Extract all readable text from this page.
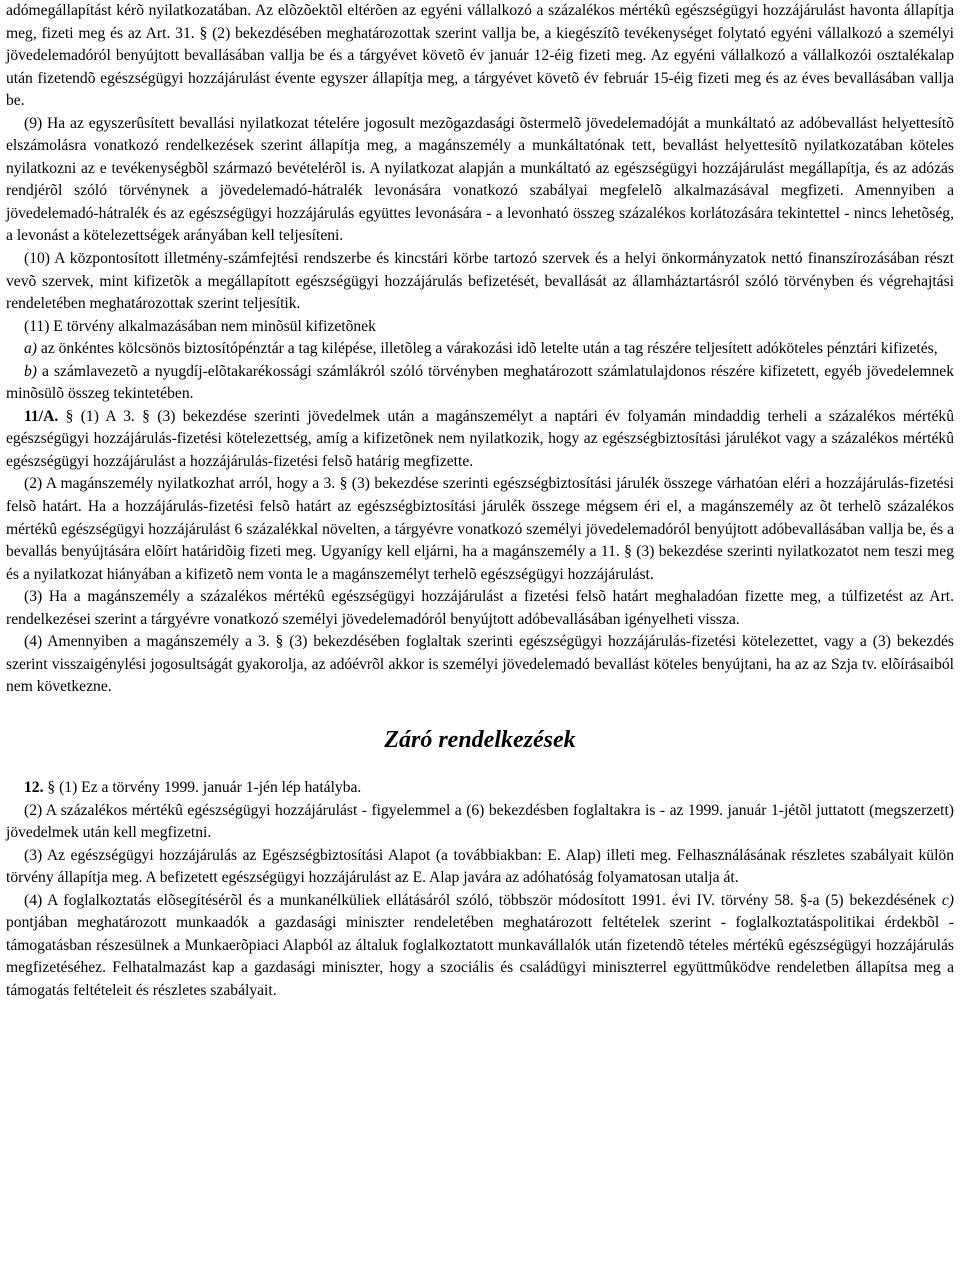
adómegállapítást kérõ nyilatkozatában. Az elõzõektõl eltérõen az egyéni vállalkozó a százalékos mértékû egészségügyi hozzájárulást havonta állapítja meg, fizeti meg és az Art. 31. § (2) bekezdésében meghatározottak szerint vallja be, a kiegészítõ tevékenységet folytató egyéni vállalkozó a személyi jövedelemadóról benyújtott bevallásában vallja be és a tárgyévet követõ év január 12-éig fizeti meg. Az egyéni vállalkozó a vállalkozói osztalékalap után fizetendõ egészségügyi hozzájárulást évente egyszer állapítja meg, a tárgyévet követõ év február 15-éig fizeti meg és az éves bevallásában vallja be.

(9) Ha az egyszerûsített bevallási nyilatkozat tételére jogosult mezõgazdasági õstermelõ jövedelemadóját a munkáltató az adóbevallást helyettesítõ elszámolásra vonatkozó rendelkezések szerint állapítja meg, a magánszemély a munkáltatónak tett, bevallást helyettesítõ nyilatkozatában köteles nyilatkozni az e tevékenységbõl származó bevételérõl is. A nyilatkozat alapján a munkáltató az egészségügyi hozzájárulást megállapítja, és az adózás rendjérõl szóló törvénynek a jövedelemadó-hátralék levonására vonatkozó szabályai megfelelõ alkalmazásával megfizeti. Amennyiben a jövedelemadó-hátralék és az egészségügyi hozzájárulás együttes levonására - a levonható összeg százalékos korlátozására tekintettel - nincs lehetõség, a levonást a kötelezettségek arányában kell teljesíteni.

(10) A központosított illetmény-számfejtési rendszerbe és kincstári körbe tartozó szervek és a helyi önkormányzatok nettó finanszírozásában részt vevõ szervek, mint kifizetõk a megállapított egészségügyi hozzájárulás befizetését, bevallását az államháztartásról szóló törvényben és végrehajtási rendeletében meghatározottak szerint teljesítik.

(11) E törvény alkalmazásában nem minõsül kifizetõnek

a) az önkéntes kölcsönös biztosítópénztár a tag kilépése, illetõleg a várakozási idõ letelte után a tag részére teljesített adóköteles pénztári kifizetés,

b) a számlavezetõ a nyugdíj-elõtakarékossági számlákról szóló törvényben meghatározott számlatulajdonos részére kifizetett, egyéb jövedelemnek minõsülõ összeg tekintetében.

11/A. § (1) A 3. § (3) bekezdése szerinti jövedelmek után a magánszemélyt a naptári év folyamán mindaddig terheli a százalékos mértékû egészségügyi hozzájárulás-fizetési kötelezettség, amíg a kifizetõnek nem nyilatkozik, hogy az egészségbiztosítási járulékot vagy a százalékos mértékû egészségügyi hozzájárulást a hozzájárulás-fizetési felsõ határig megfizette.

(2) A magánszemély nyilatkozhat arról, hogy a 3. § (3) bekezdése szerinti egészségbiztosítási járulék összege várhatóan eléri a hozzájárulás-fizetési felsõ határt. Ha a hozzájárulás-fizetési felsõ határt az egészségbiztosítási járulék összege mégsem éri el, a magánszemély az õt terhelõ százalékos mértékû egészségügyi hozzájárulást 6 százalékkal növelten, a tárgyévre vonatkozó személyi jövedelemadóról benyújtott adóbevallásában vallja be, és a bevallás benyújtására elõírt határidõig fizeti meg. Ugyanígy kell eljárni, ha a magánszemély a 11. § (3) bekezdése szerinti nyilatkozatot nem teszi meg és a nyilatkozat hiányában a kifizetõ nem vonta le a magánszemélyt terhelõ egészségügyi hozzájárulást.

(3) Ha a magánszemély a százalékos mértékû egészségügyi hozzájárulást a fizetési felsõ határt meghaladóan fizette meg, a túlfizetést az Art. rendelkezései szerint a tárgyévre vonatkozó személyi jövedelemadóról benyújtott adóbevallásában igényelheti vissza.

(4) Amennyiben a magánszemély a 3. § (3) bekezdésében foglaltak szerinti egészségügyi hozzájárulás-fizetési kötelezettet, vagy a (3) bekezdés szerint visszaigénylési jogosultságát gyakorolja, az adóévrõl akkor is személyi jövedelemadó bevallást köteles benyújtani, ha az az Szja tv. elõírásaiból nem következne.

Záró rendelkezések

12. § (1) Ez a törvény 1999. január 1-jén lép hatályba.

(2) A százalékos mértékû egészségügyi hozzájárulást - figyelemmel a (6) bekezdésben foglaltakra is - az 1999. január 1-jétõl juttatott (megszerzett) jövedelmek után kell megfizetni.

(3) Az egészségügyi hozzájárulás az Egészségbiztosítási Alapot (a továbbiakban: E. Alap) illeti meg. Felhasználásának részletes szabályait külön törvény állapítja meg. A befizetett egészségügyi hozzájárulást az E. Alap javára az adóhatóság folyamatosan utalja át.

(4) A foglalkoztatás elõsegítésérõl és a munkanélküliek ellátásáról szóló, többször módosított 1991. évi IV. törvény 58. §-a (5) bekezdésének c) pontjában meghatározott munkaadók a gazdasági miniszter rendeletében meghatározott feltételek szerint - foglalkoztatáspolitikai érdekbõl - támogatásban részesülnek a Munkaerõpiaci Alapból az általuk foglalkoztatott munkavállalók után fizetendõ tételes mértékû egészségügyi hozzájárulás megfizetéséhez. Felhatalmazást kap a gazdasági miniszter, hogy a szociális és családügyi miniszterrel együttmûködve rendeletben állapítsa meg a támogatás feltételeit és részletes szabályait.
